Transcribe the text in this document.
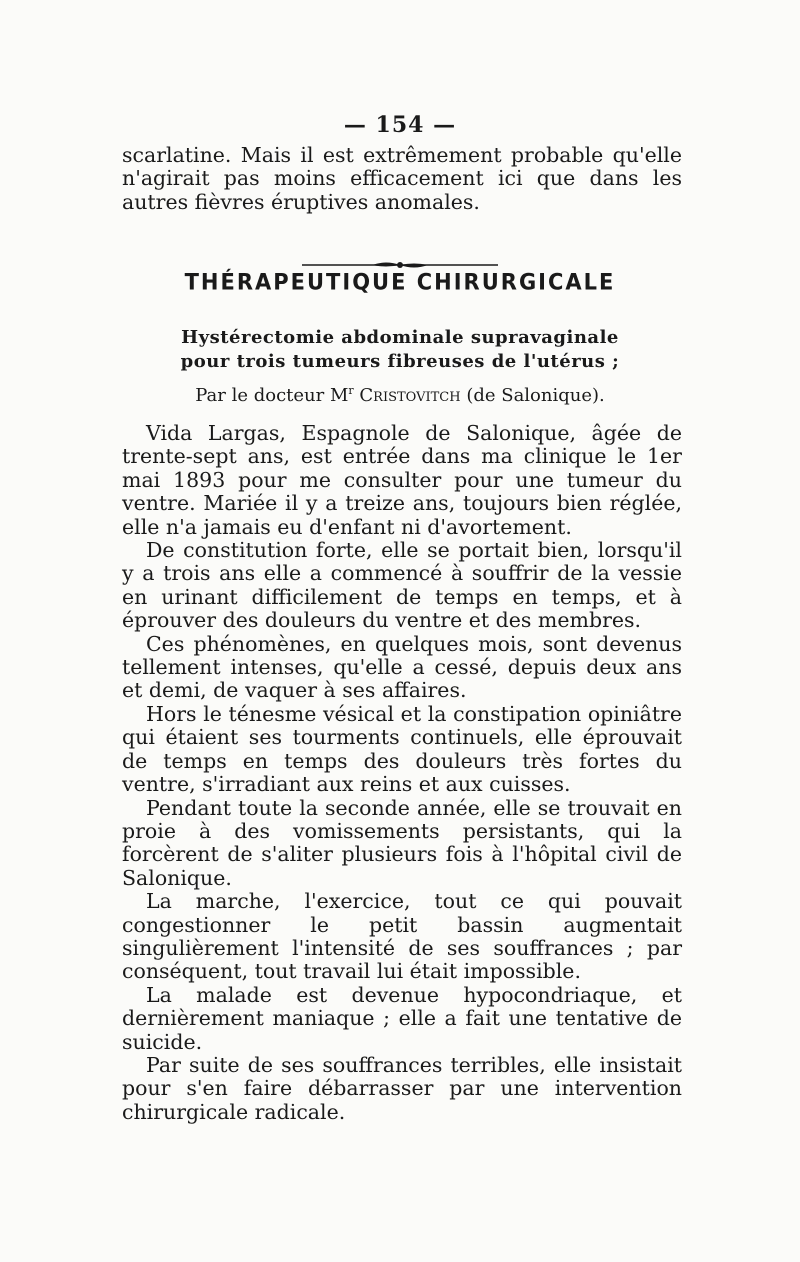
— 154 —

scarlatine. Mais il est extrêmement probable qu'elle n'agirait pas moins efficacement ici que dans les autres fièvres éruptives anomales.

THÉRAPEUTIQUE CHIRURGICALE
Hystérectomie abdominale supravaginale
pour trois tumeurs fibreuses de l'utérus ;
Par le docteur $M^r$ Cristovitch (de Salonique).

Vida Largas, Espagnole de Salonique, âgée de trente-sept ans, est entrée dans ma clinique le 1er mai 1893 pour me consulter pour une tumeur du ventre. Mariée il y a treize ans, toujours bien réglée, elle n'a jamais eu d'enfant ni d'avortement.

De constitution forte, elle se portait bien, lorsqu'il y a trois ans elle a commencé à souffrir de la vessie en urinant difficilement de temps en temps, et à éprouver des douleurs du ventre et des membres.

Ces phénomènes, en quelques mois, sont devenus tellement intenses, qu'elle a cessé, depuis deux ans et demi, de vaquer à ses affaires.

Hors le ténesme vésical et la constipation opiniâtre qui étaient ses tourments continuels, elle éprouvait de temps en temps des douleurs très fortes du ventre, s'irradiant aux reins et aux cuisses.

Pendant toute la seconde année, elle se trouvait en proie à des vomissements persistants, qui la forcèrent de s'aliter plusieurs fois à l'hôpital civil de Salonique.

La marche, l'exercice, tout ce qui pouvait congestionner le petit bassin augmentait singulièrement l'intensité de ses souffrances ; par conséquent, tout travail lui était impossible.

La malade est devenue hypocondriaque, et dernièrement maniaque ; elle a fait une tentative de suicide.

Par suite de ses souffrances terribles, elle insistait pour s'en faire débarrasser par une intervention chirurgicale radicale.
